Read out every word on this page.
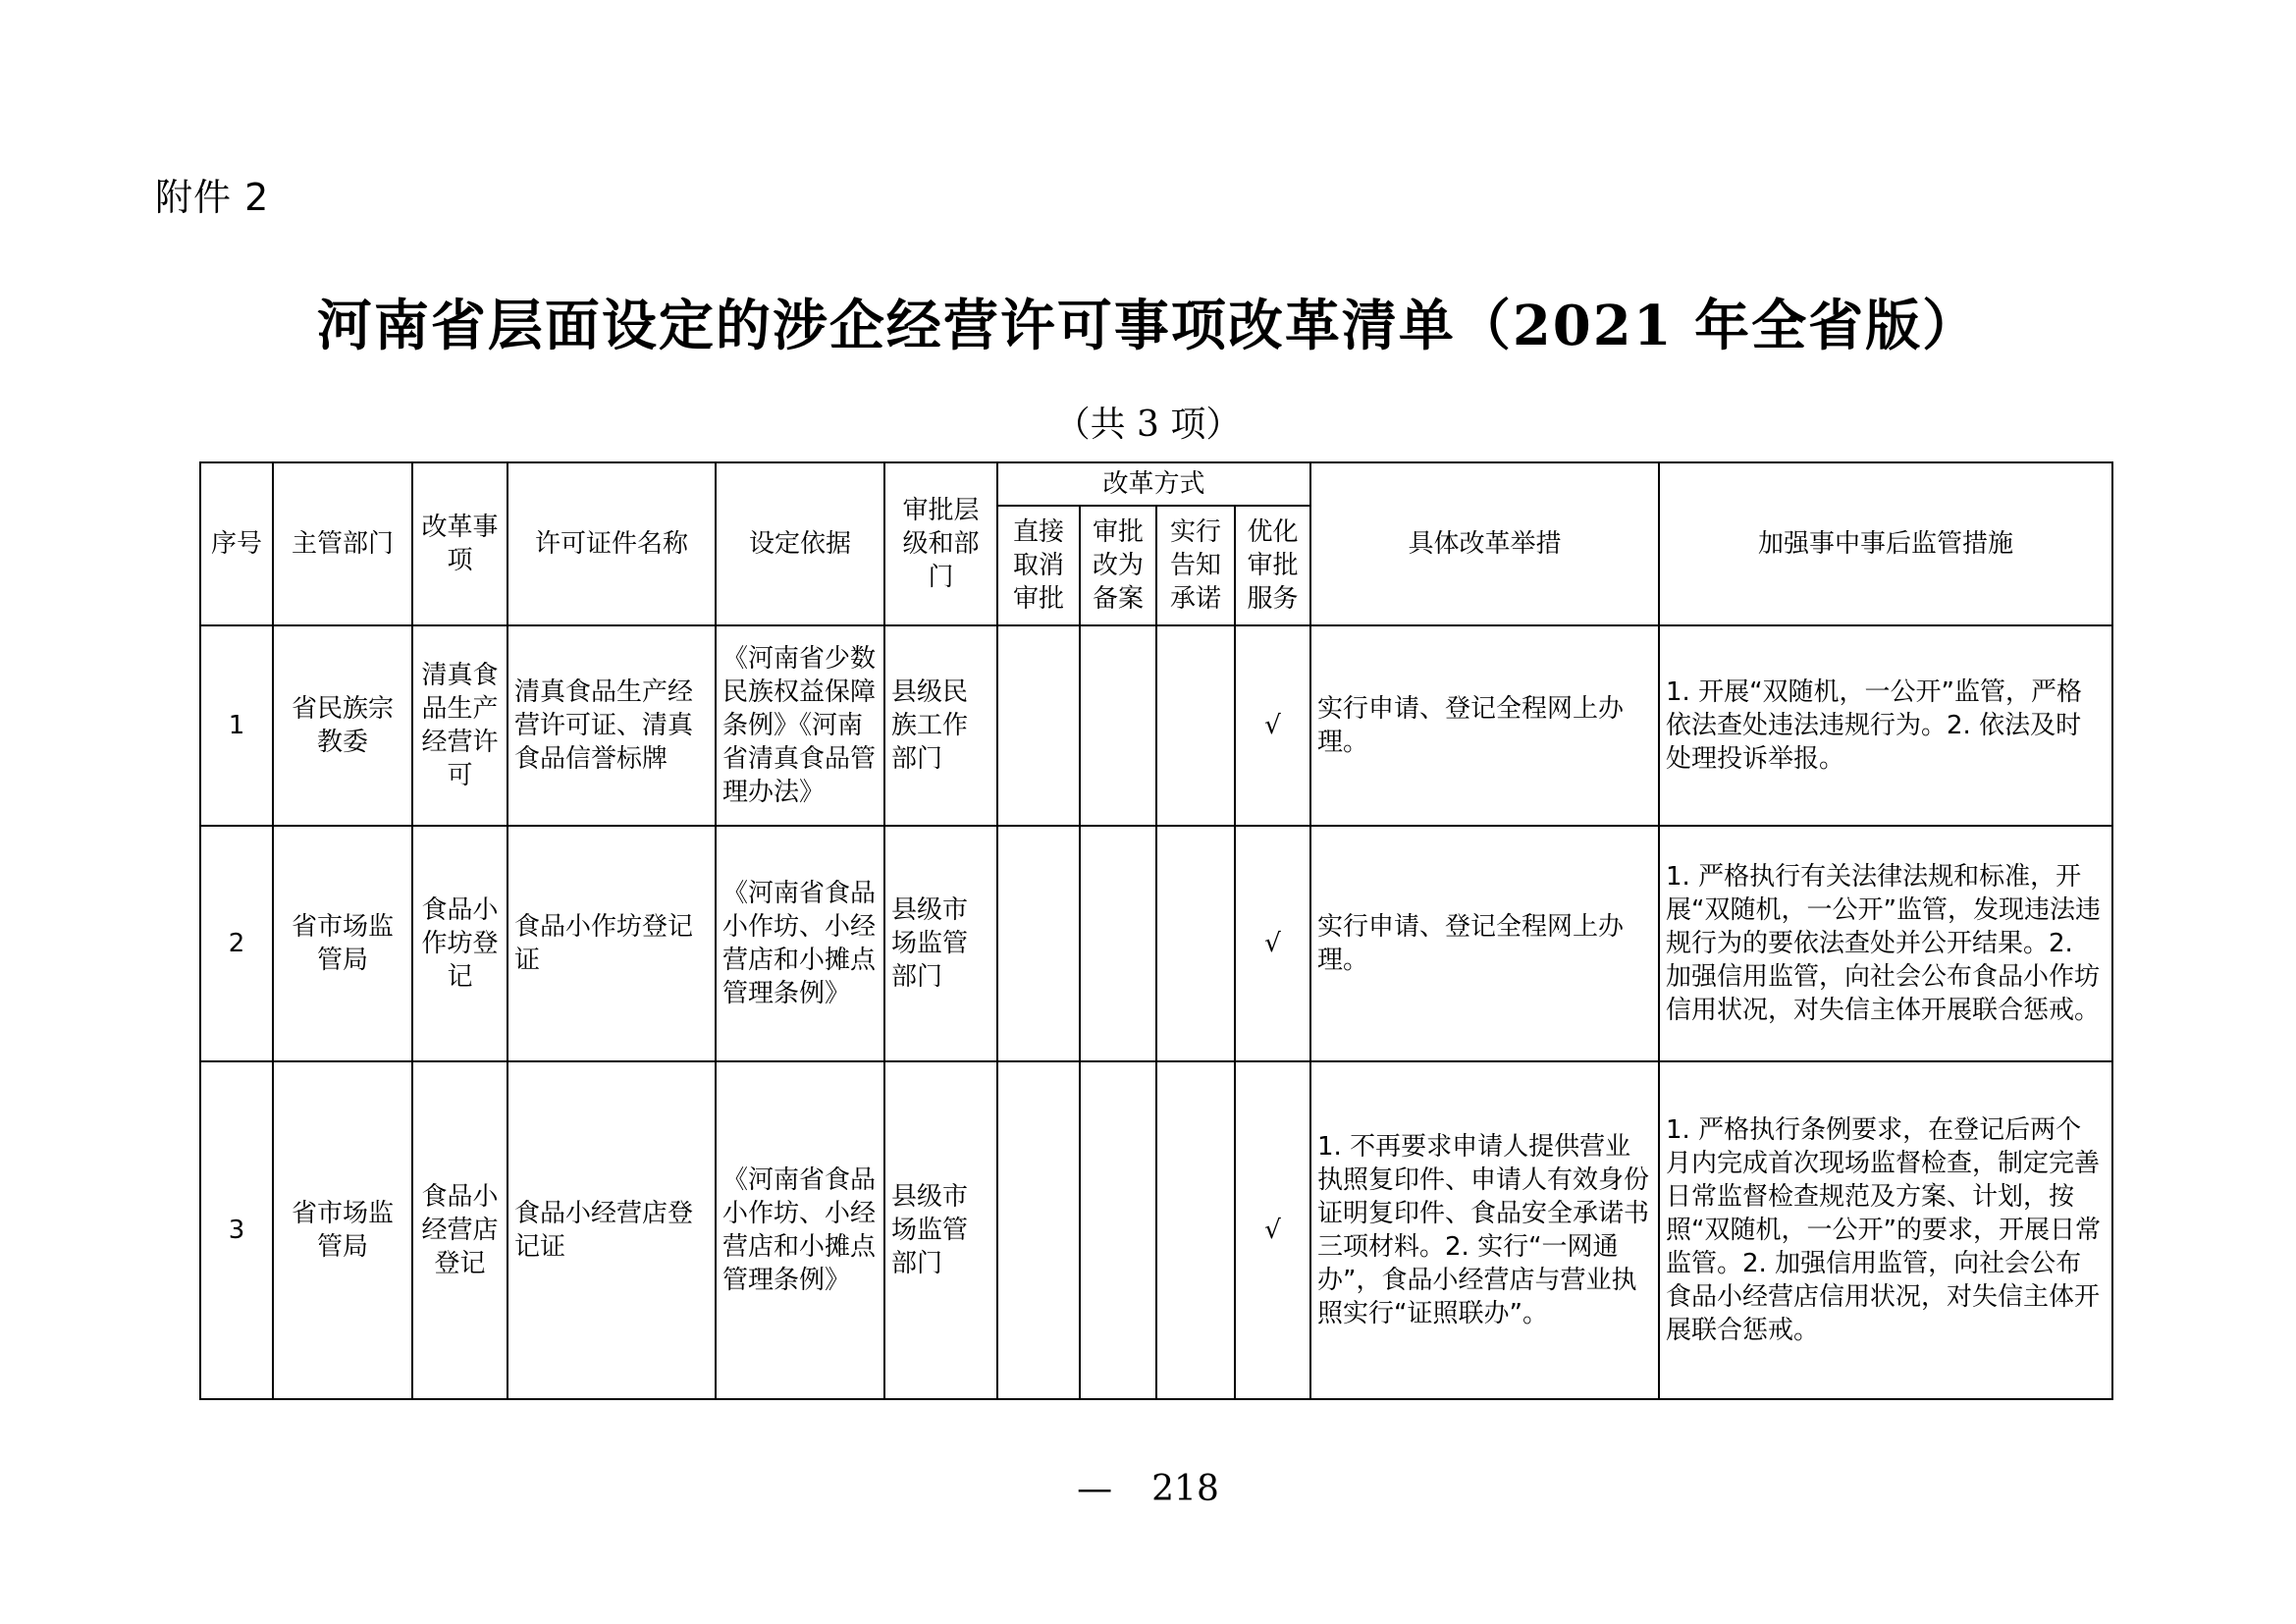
附件 2
河南省层面设定的涉企经营许可事项改革清单（2021 年全省版）
（共 3 项）
序号	主管部门	改革事项	许可证件名称	设定依据	审批层级和部门	改革方式				具体改革举措	加强事中事后监管措施
						直接取消审批	审批改为备案	实行告知承诺	优化审批服务		
1	省民族宗教委	清真食品生产经营许可	清真食品生产经营许可证、清真食品信誉标牌	《河南省少数民族权益保障条例》《河南省清真食品管理办法》	县级民族工作部门				√	实行申请、登记全程网上办理。	1. 开展“双随机，一公开”监管，严格依法查处违法违规行为。2. 依法及时处理投诉举报。
2	省市场监管局	食品小作坊登记	食品小作坊登记证	《河南省食品小作坊、小经营店和小摊点管理条例》	县级市场监管部门				√	实行申请、登记全程网上办理。	1. 严格执行有关法律法规和标准，开展“双随机，一公开”监管，发现违法违规行为的要依法查处并公开结果。2. 加强信用监管，向社会公布食品小作坊信用状况，对失信主体开展联合惩戒。
3	省市场监管局	食品小经营店登记	食品小经营店登记证	《河南省食品小作坊、小经营店和小摊点管理条例》	县级市场监管部门				√	1. 不再要求申请人提供营业执照复印件、申请人有效身份证明复印件、食品安全承诺书三项材料。2. 实行“一网通办”，食品小经营店与营业执照实行“证照联办”。	1. 严格执行条例要求，在登记后两个月内完成首次现场监督检查，制定完善日常监督检查规范及方案、计划，按照“双随机，一公开”的要求，开展日常监管。2. 加强信用监管，向社会公布食品小经营店信用状况，对失信主体开展联合惩戒。
— 218
